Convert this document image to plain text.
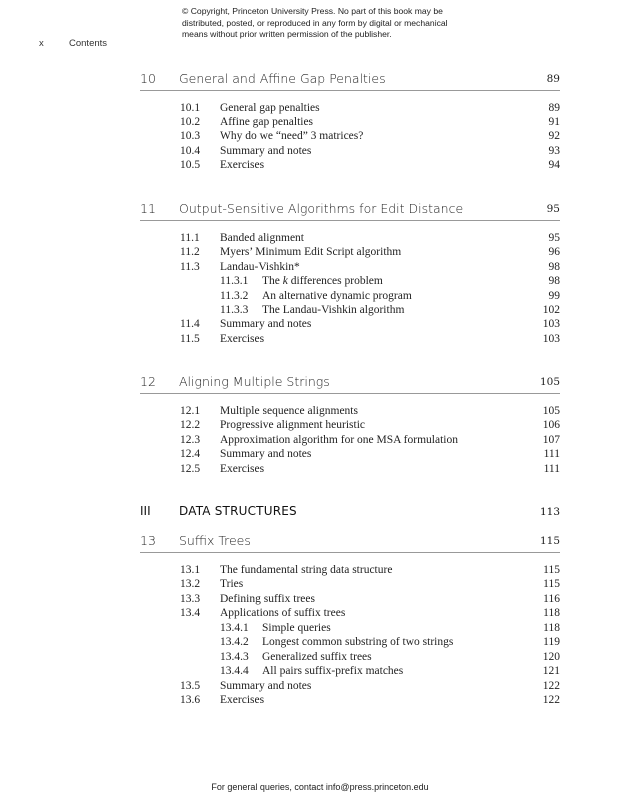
© Copyright, Princeton University Press. No part of this book may be
distributed, posted, or reproduced in any form by digital or mechanical
means without prior written permission of the publisher.
x	Contents
10 General and Affine Gap Penalties	89
10.1 General gap penalties	89
10.2 Affine gap penalties	91
10.3 Why do we “need” 3 matrices?	92
10.4 Summary and notes	93
10.5 Exercises	94
11 Output-Sensitive Algorithms for Edit Distance	95
11.1 Banded alignment	95
11.2 Myers’ Minimum Edit Script algorithm	96
11.3 Landau-Vishkin*	98
11.3.1 The k differences problem	98
11.3.2 An alternative dynamic program	99
11.3.3 The Landau-Vishkin algorithm	102
11.4 Summary and notes	103
11.5 Exercises	103
12 Aligning Multiple Strings	105
12.1 Multiple sequence alignments	105
12.2 Progressive alignment heuristic	106
12.3 Approximation algorithm for one MSA formulation	107
12.4 Summary and notes	111
12.5 Exercises	111
III DATA STRUCTURES	113
13 Suffix Trees	115
13.1 The fundamental string data structure	115
13.2 Tries	115
13.3 Defining suffix trees	116
13.4 Applications of suffix trees	118
13.4.1 Simple queries	118
13.4.2 Longest common substring of two strings	119
13.4.3 Generalized suffix trees	120
13.4.4 All pairs suffix-prefix matches	121
13.5 Summary and notes	122
13.6 Exercises	122
For general queries, contact info@press.princeton.edu
